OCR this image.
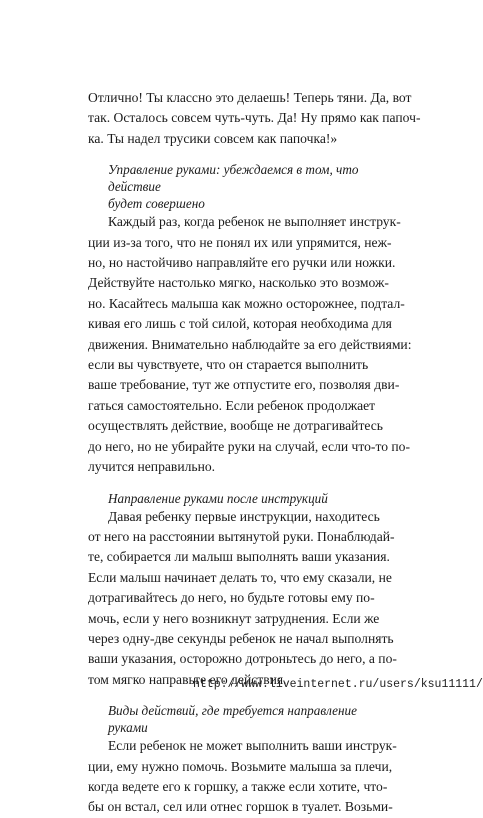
Отлично! Ты классно это делаешь! Теперь тяни. Да, вот
так. Осталось совсем чуть-чуть. Да! Ну прямо как папоч-
ка. Ты надел трусики совсем как папочка!»
Управление руками: убеждаемся в том, что действие
будет совершено
Каждый раз, когда ребенок не выполняет инструк-
ции из-за того, что не понял их или упрямится, неж-
но, но настойчиво направляйте его ручки или ножки.
Действуйте настолько мягко, насколько это возмож-
но. Касайтесь малыша как можно осторожнее, подтал-
кивая его лишь с той силой, которая необходима для
движения. Внимательно наблюдайте за его действиями:
если вы чувствуете, что он старается выполнить
ваше требование, тут же отпустите его, позволяя дви-
гаться самостоятельно. Если ребенок продолжает
осуществлять действие, вообще не дотрагивайтесь
до него, но не убирайте руки на случай, если что-то по-
лучится неправильно.
Направление руками после инструкций
Давая ребенку первые инструкции, находитесь
от него на расстоянии вытянутой руки. Понаблюдай-
те, собирается ли малыш выполнять ваши указания.
Если малыш начинает делать то, что ему сказали, не
дотрагивайтесь до него, но будьте готовы ему по-
мочь, если у него возникнут затруднения. Если же
через одну-две секунды ребенок не начал выполнять
ваши указания, осторожно дотроньтесь до него, а по-
том мягко направьте его действия.
Виды действий, где требуется направление руками
Если ребенок не может выполнить ваши инструк-
ции, ему нужно помочь. Возьмите малыша за плечи,
когда ведете его к горшку, а также если хотите, что-
бы он встал, сел или отнес горшок в туалет. Возьми-
http://www.liveinternet.ru/users/ksu11111/
